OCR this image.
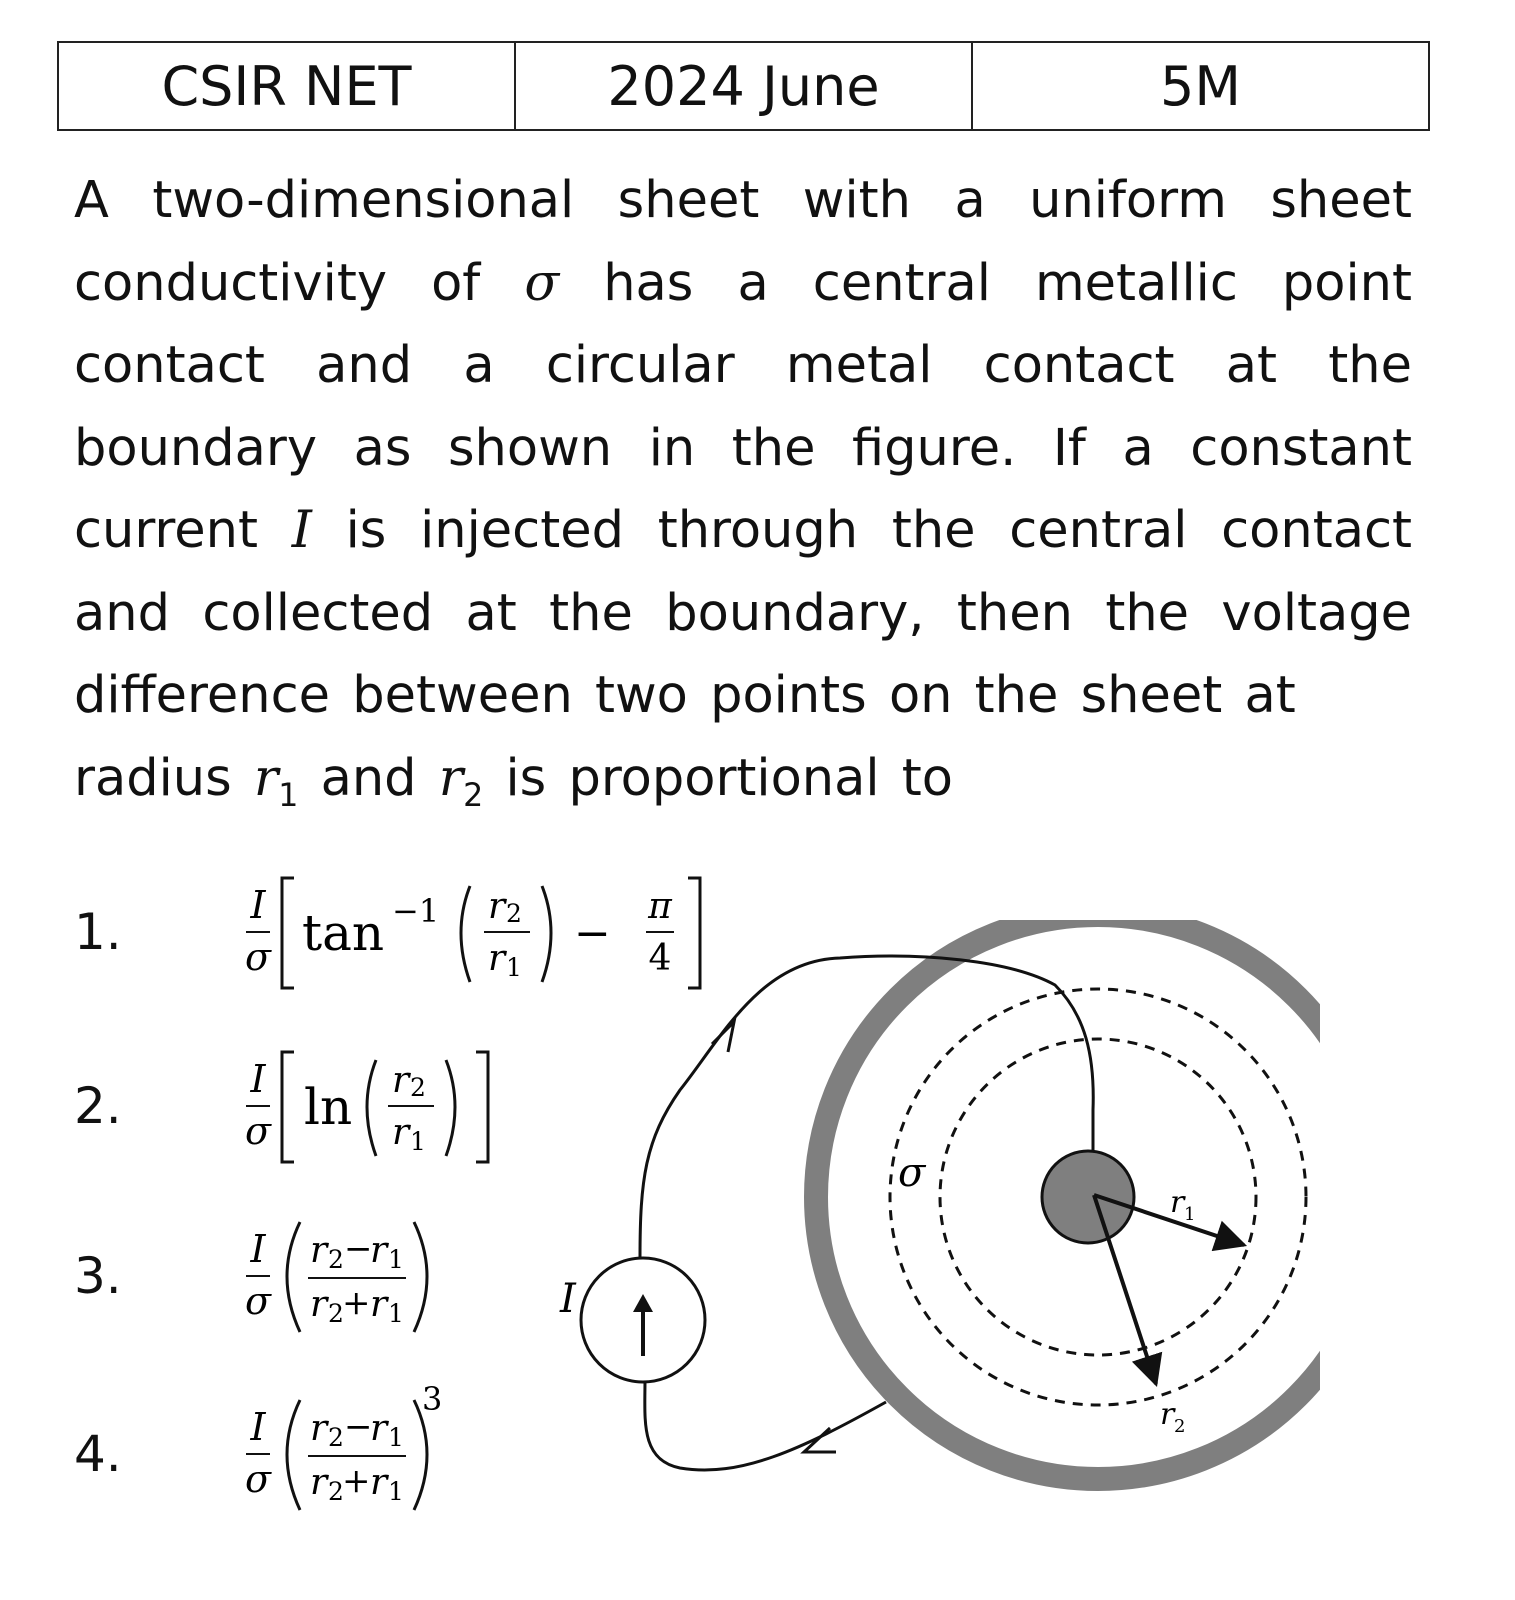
CSIR NET	2024 June	5M
A two-dimensional sheet with a uniform sheet conductivity of σ has a central metallic point contact and a circular metal contact at the boundary as shown in the figure. If a constant current I is injected through the central contact and collected at the boundary, then the voltage difference between two points on the sheet at
radius $r_1$ and $r_2$ is proportional to
1.	I
σ tan −1 r 2
r 1
−
π
4
2.	I
σ ln r 2
r 1
3.	I
σ
r 2 −
r 1
r 2
+ r 1
4.	I
σ
r 2 −
r 1
r 2
+ r 1
3
I
σ
r 1
r 2
